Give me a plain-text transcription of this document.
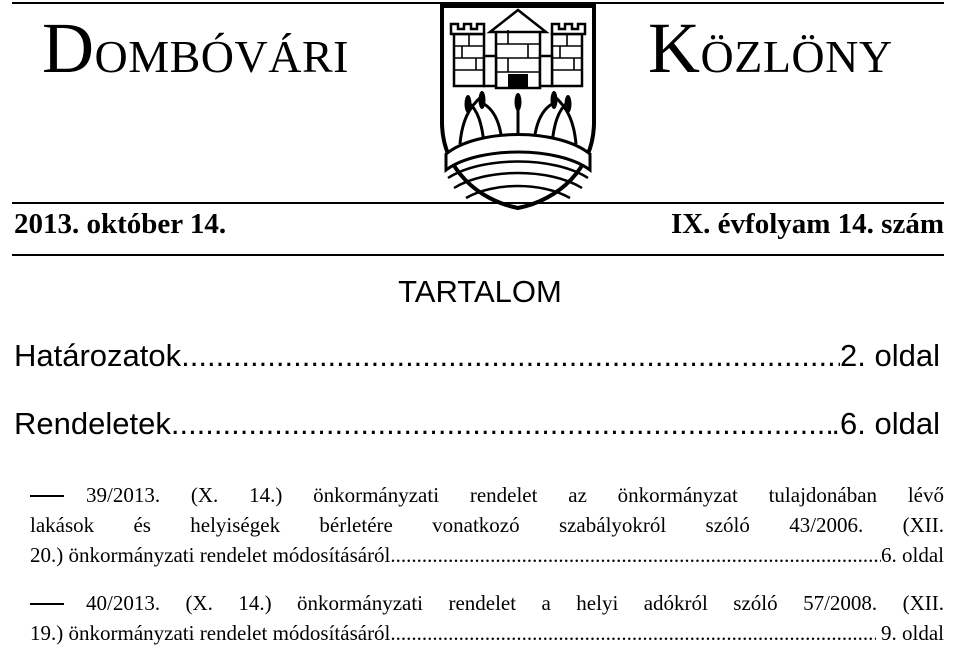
DOMBÓVÁRI	KÖZLÖNY
2013. október 14.	IX. évfolyam 14. szám
TARTALOM
Határozatok .....	2. oldal
Rendeletek .....	.6. oldal
39/2013. (X. 14.) önkormányzati rendelet az önkormányzat tulajdonában lévő
lakások és helyiségek bérletére vonatkozó szabályokról szóló 43/2006. (XII.
20.) önkormányzati rendelet módosításáról .....	6. oldal
40/2013. (X. 14.) önkormányzati rendelet a helyi adókról szóló 57/2008. (XII.
19.) önkormányzati rendelet módosításáról .....	9. oldal
